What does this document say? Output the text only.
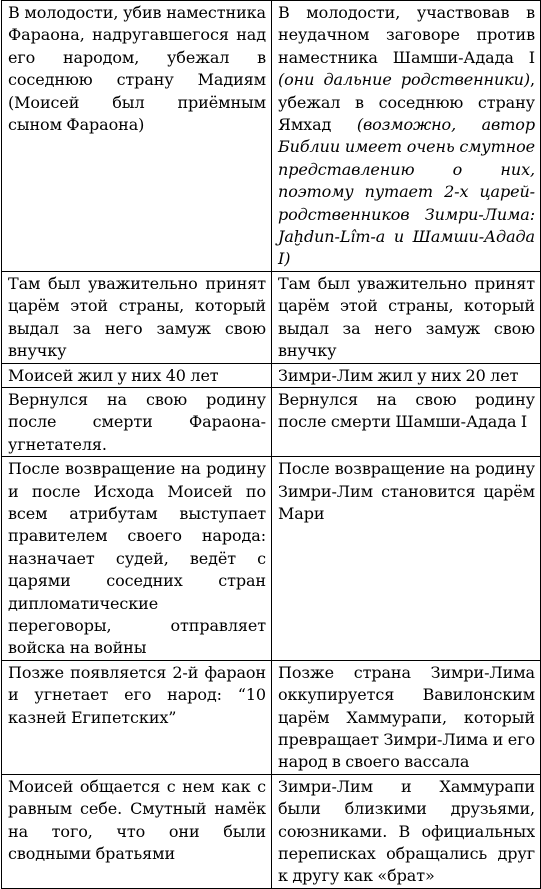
В молодости, убив наместника Фараона, надругавшегося над его народом, убежал в соседнюю страну Мадиям (Моисей был приёмным сыном Фараона)	В молодости, участвовав в неудачном заговоре против наместника Шамши-Адада I (они дальние родственники), убежал в соседнюю страну Ямхад (возможно, автор Библии имеет очень смутное представлению о них, поэтому путает 2-х царей-родственников Зимри-Лима: Jaḫdun-Lîm-a и Шамши-Адада I)
Там был уважительно принят царём этой страны, который выдал за него замуж свою внучку	Там был уважительно принят царём этой страны, который выдал за него замуж свою внучку
Моисей жил у них 40 лет	Зимри-Лим жил у них 20 лет
Вернулся на свою родину после смерти Фараона-угнетателя.	Вернулся на свою родину после смерти Шамши-Адада I
После возвращение на родину и после Исхода Моисей по всем атрибутам выступает правителем своего народа: назначает судей, ведёт с царями соседних стран дипломатические переговоры, отправляет войска на войны	После возвращение на родину Зимри-Лим становится царём Мари
Позже появляется 2-й фараон и угнетает его народ: “10 казней Египетских”	Позже страна Зимри-Лима оккупируется Вавилонским царём Хаммурапи, который превращает Зимри-Лима и его народ в своего вассала
Моисей общается с нем как с равным себе. Смутный намёк на того, что они были сводными братьями	Зимри-Лим и Хаммурапи были близкими друзьями, союзниками. В официальных переписках обращались друг к другу как «брат»
